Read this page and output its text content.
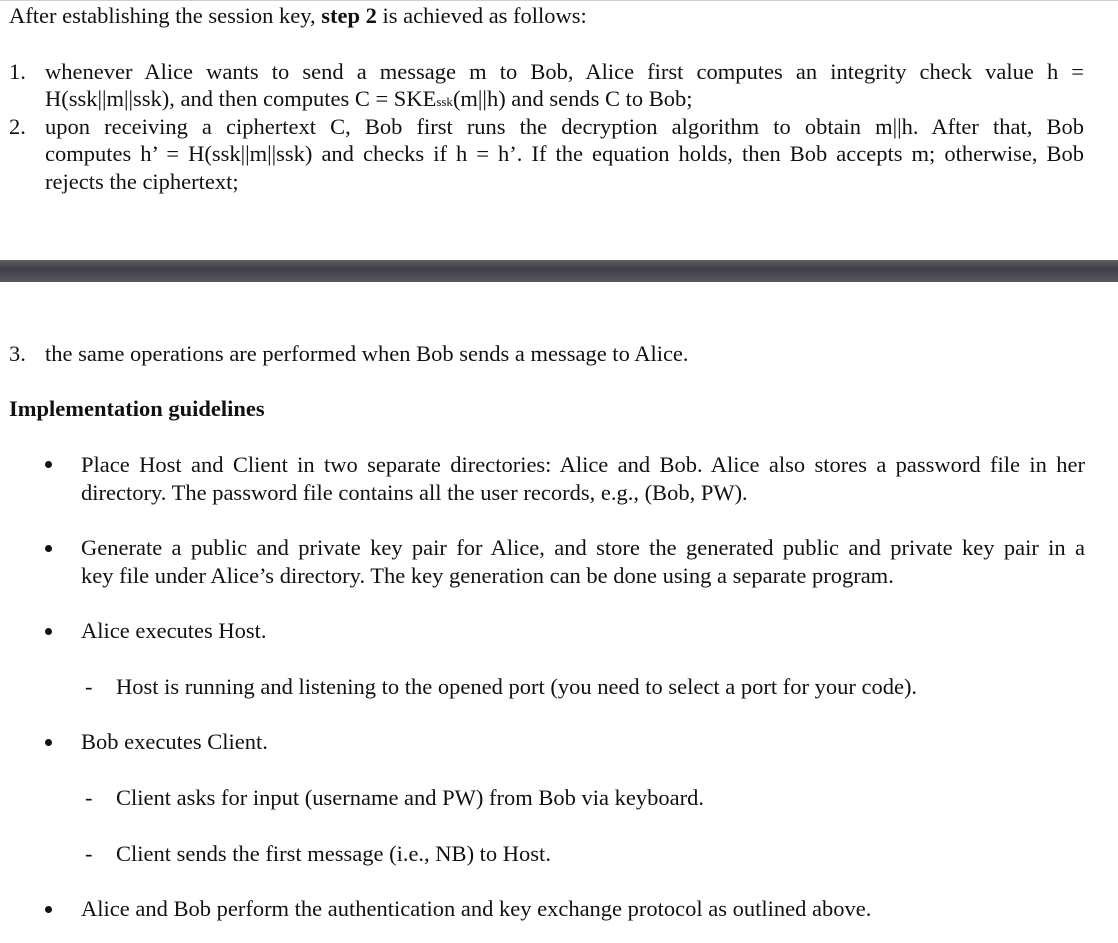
After establishing the session key, step 2 is achieved as follows:

1. whenever Alice wants to send a message m to Bob, Alice first computes an integrity check value h =

H(ssk||m||ssk), and then computes C = SKEssk(m||h) and sends C to Bob;

2. upon receiving a ciphertext C, Bob first runs the decryption algorithm to obtain m||h. After that, Bob

computes h’ = H(ssk||m||ssk) and checks if h = h’. If the equation holds, then Bob accepts m; otherwise, Bob

rejects the ciphertext;

3. the same operations are performed when Bob sends a message to Alice.

Implementation guidelines

Place Host and Client in two separate directories: Alice and Bob. Alice also stores a password file in her

directory. The password file contains all the user records, e.g., (Bob, PW).

Generate a public and private key pair for Alice, and store the generated public and private key pair in a

key file under Alice’s directory. The key generation can be done using a separate program.

Alice executes Host.

- Host is running and listening to the opened port (you need to select a port for your code).

Bob executes Client.

- Client asks for input (username and PW) from Bob via keyboard.

- Client sends the first message (i.e., NB) to Host.

Alice and Bob perform the authentication and key exchange protocol as outlined above.
